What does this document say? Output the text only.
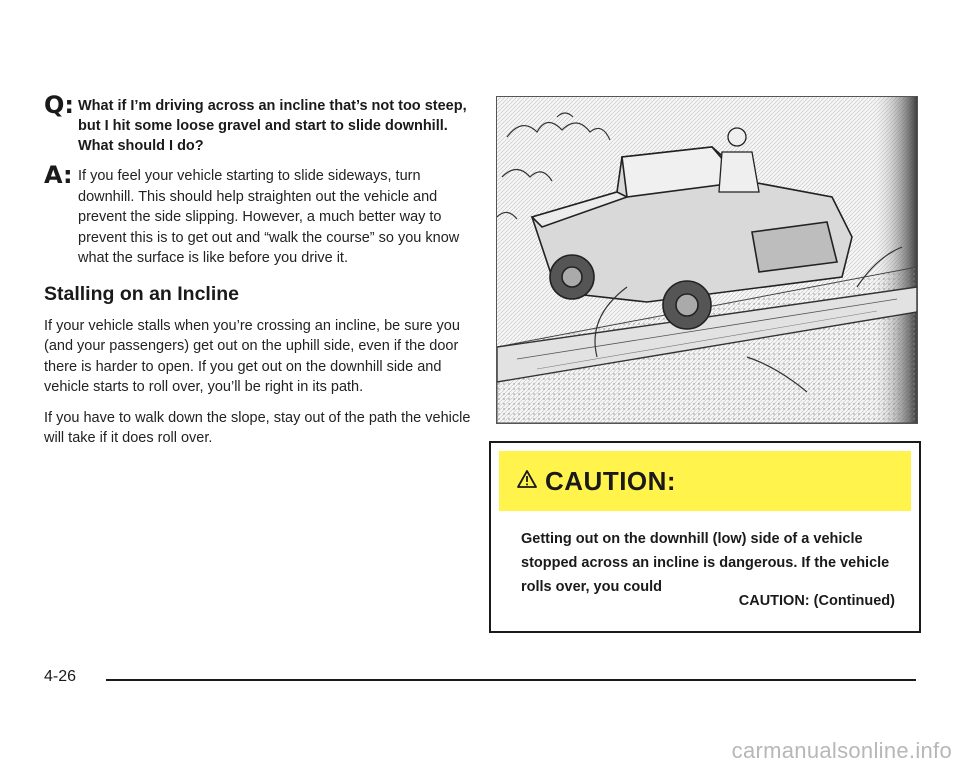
Q: What if I’m driving across an incline that’s not too steep, but I hit some loose gravel and start to slide downhill. What should I do?
A: If you feel your vehicle starting to slide sideways, turn downhill. This should help straighten out the vehicle and prevent the side slipping. However, a much better way to prevent this is to get out and “walk the course” so you know what the surface is like before you drive it.
Stalling on an Incline

If your vehicle stalls when you’re crossing an incline, be sure you (and your passengers) get out on the uphill side, even if the door there is harder to open. If you get out on the downhill side and vehicle starts to roll over, you’ll be right in its path.

If you have to walk down the slope, stay out of the path the vehicle will take if it does roll over.

CAUTION:
Getting out on the downhill (low) side of a vehicle stopped across an incline is dangerous. If the vehicle rolls over, you could
CAUTION: (Continued)
4-26
carmanualsonline.info
